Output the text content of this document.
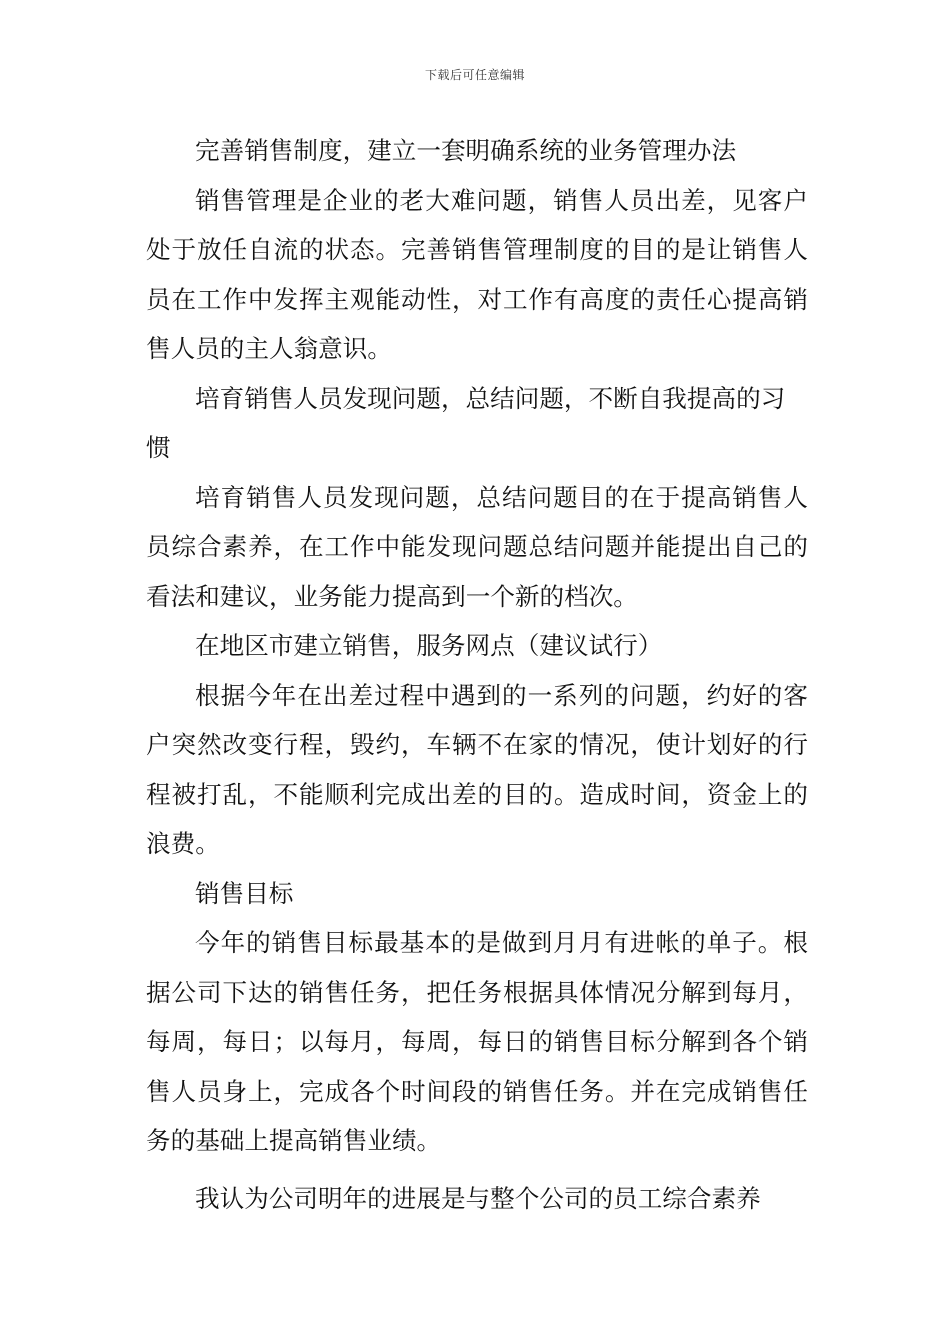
下载后可任意编辑

完善销售制度，建立一套明确系统的业务管理办法

销售管理是企业的老大难问题，销售人员出差，见客户处于放任自流的状态。完善销售管理制度的目的是让销售人员在工作中发挥主观能动性，对工作有高度的责任心提高销售人员的主人翁意识。

培育销售人员发现问题，总结问题，不断自我提高的习惯

培育销售人员发现问题，总结问题目的在于提高销售人员综合素养，在工作中能发现问题总结问题并能提出自己的看法和建议，业务能力提高到一个新的档次。

在地区市建立销售，服务网点（建议试行）

根据今年在出差过程中遇到的一系列的问题，约好的客户突然改变行程，毁约，车辆不在家的情况，使计划好的行程被打乱，不能顺利完成出差的目的。造成时间，资金上的浪费。

销售目标

今年的销售目标最基本的是做到月月有进帐的单子。根据公司下达的销售任务，把任务根据具体情况分解到每月，每周，每日；以每月，每周，每日的销售目标分解到各个销售人员身上，完成各个时间段的销售任务。并在完成销售任务的基础上提高销售业绩。

我认为公司明年的进展是与整个公司的员工综合素养
